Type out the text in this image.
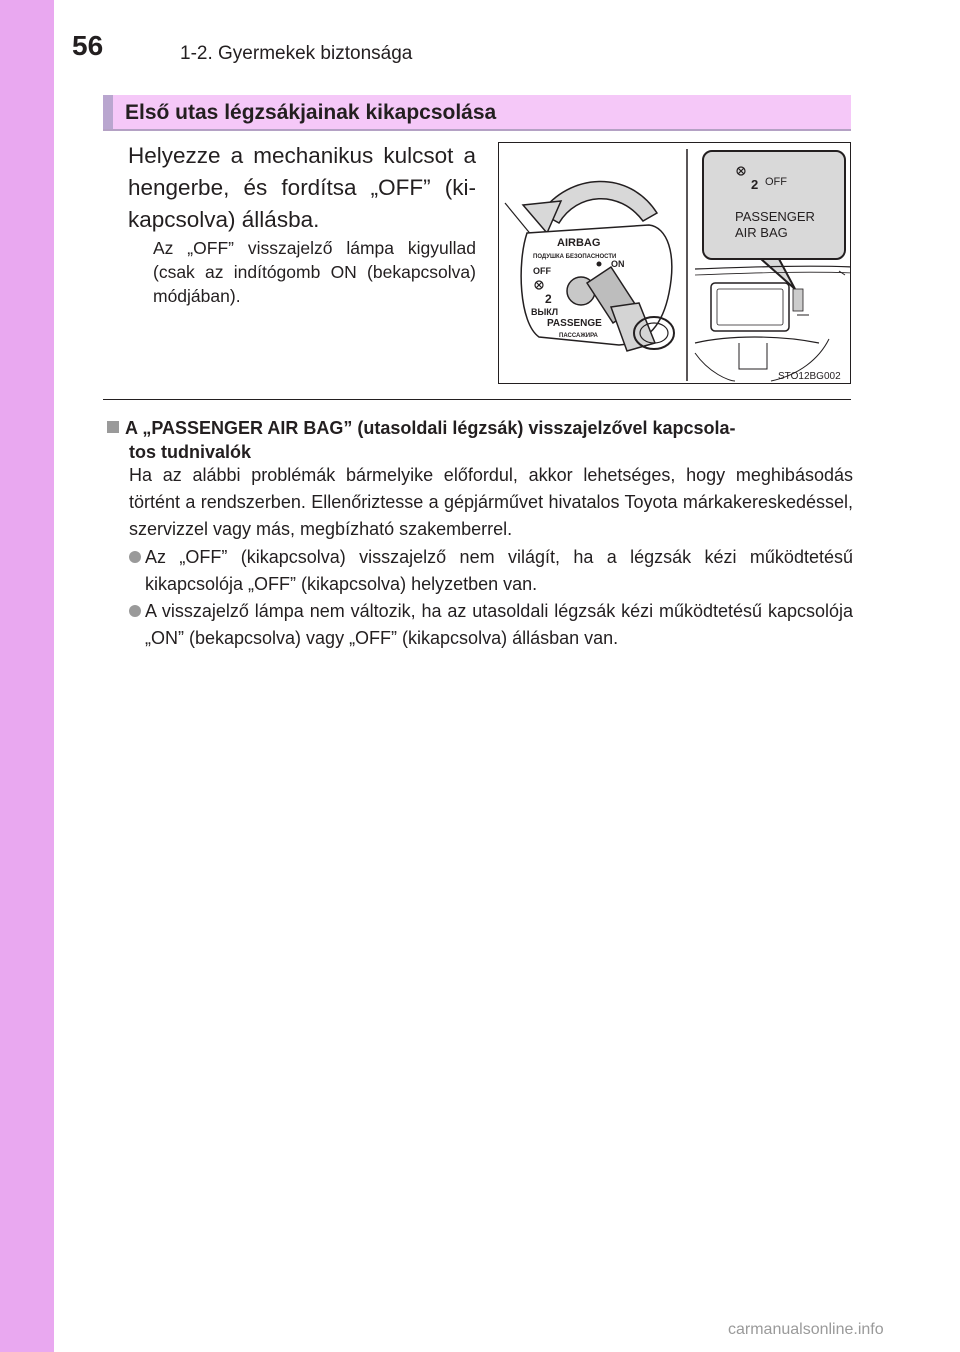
56	1-2. Gyermekek biztonsága
Első utas légzsákjainak kikapcsolása

Helyezze a mechanikus kulcsot a hengerbe, és fordítsa „OFF” (kikapcsolva) állásba.

Az „OFF” visszajelző lámpa kigyullad (csak az indítógomb ON (bekapcsolva) módjában).

AIRBAG
ПОДУШКА БЕЗОПАСНОСТИ
OFF
ON
2
ВЫКЛ
PASSENGE
ПАССАЖИРА
2 OFF
PASSENGER
AIR BAG
STO12BG002
A „PASSENGER AIR BAG” (utasoldali légzsák) visszajelzővel kapcsola-
tos tudnivalók

Ha az alábbi problémák bármelyike előfordul, akkor lehetséges, hogy meghibásodás történt a rendszerben. Ellenőriztesse a gépjárművet hivatalos Toyota márkakereskedéssel, szervizzel vagy más, megbízható szakemberrel.

Az „OFF” (kikapcsolva) visszajelző nem világít, ha a légzsák kézi működtetésű kikapcsolója „OFF” (kikapcsolva) helyzetben van.
A visszajelző lámpa nem változik, ha az utasoldali légzsák kézi működtetésű kapcsolója „ON” (bekapcsolva) vagy „OFF” (kikapcsolva) állásban van.
carmanualsonline.info
